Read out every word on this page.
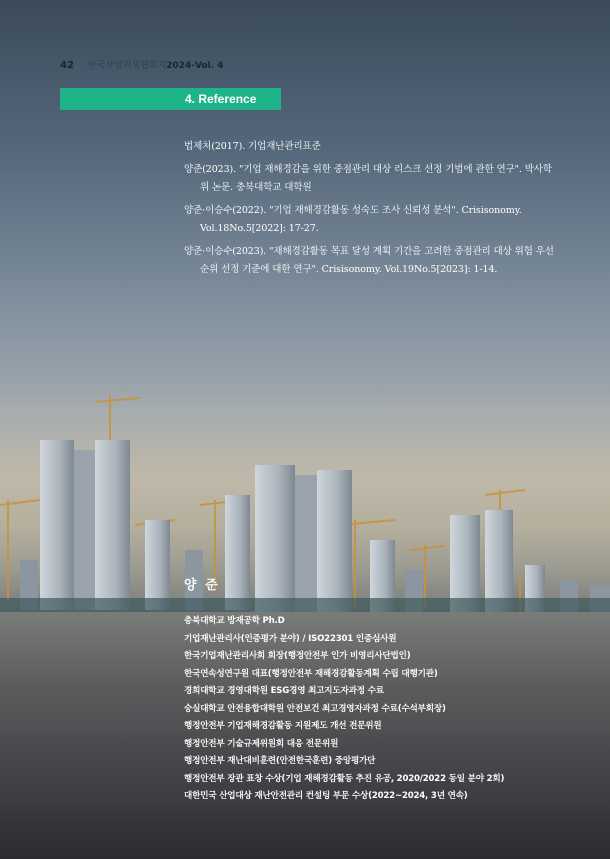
42 한국산업위생협회지2024-Vol. 4
4. Reference
법제처(2017). 기업재난관리표준
양준(2023). "기업 재해경감을 위한 중점관리 대상 리스크 선정 기법에 관한 연구". 박사학위 논문. 충북대학교 대학원
양준·이승수(2022). "기업 재해경감활동 성숙도 조사 신뢰성 분석". Crisisonomy. Vol.18No.5[2022]: 17-27.
양준·이승수(2023). "재해경감활동 목표 달성 계획 기간을 고려한 중점관리 대상 위험 우선순위 선정 기준에 대한 연구". Crisisonomy. Vol.19No.5[2023]: 1-14.
양 준
충북대학교 방재공학 Ph.D
기업재난관리사(인증평가 분야) / ISO22301 인증심사원
한국기업재난관리사회 회장(행정안전부 인가 비영리사단법인)
한국연속성연구원 대표(행정안전부 재해경감활동계획 수립 대행기관)
경희대학교 경영대학원 ESG경영 최고지도자과정 수료
숭실대학교 안전융합대학원 안전보건 최고경영자과정 수료(수석부회장)
행정안전부 기업재해경감활동 지원제도 개선 전문위원
행정안전부 기술규제위원회 대응 전문위원
행정안전부 재난대비훈련(안전한국훈련) 중앙평가단
행정안전부 장관 표창 수상(기업 재해경감활동 추진 유공, 2020/2022 동일 분야 2회)
대한민국 산업대상 재난안전관리 컨설팅 부문 수상(2022~2024, 3년 연속)
